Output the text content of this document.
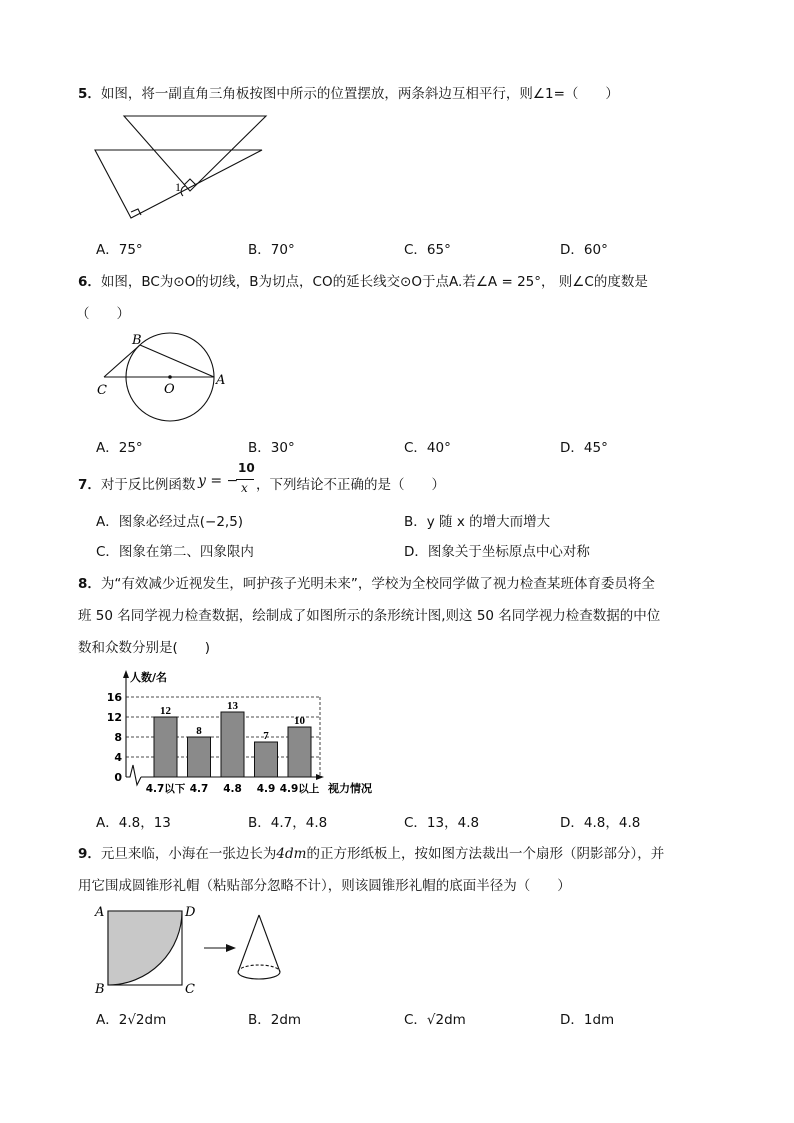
5．如图，将一副直角三角板按图中所示的位置摆放，两条斜边互相平行，则∠1=（　　）
1
A．75°	B．70°	C．65°	D．60°
6．如图，BC为⊙O的切线，B为切点，CO的延长线交⊙O于点A.若∠A = 25°， 则∠C的度数是
（　　）
B
C	O
A
A．25°	B．30°	C．40°	D．45°
7．对于反比例函数 y = −
10
x ，下列结论不正确的是（　　）
A．图象必经过点(−2,5)	B．y 随 x 的增大而增大
C．图象在第二、四象限内	D．图象关于坐标原点中心对称
8．为“有效减少近视发生，呵护孩子光明未来”，学校为全校同学做了视力检查某班体育委员将全
班 50 名同学视力检查数据，绘制成了如图所示的条形统计图,则这 50 名同学视力检查数据的中位
数和众数分别是(　　)
人数/名
0
4
8
12
16
视力情况
12
4.7以下
8
4.7
13
4.8
7
4.9
10
4.9以上
A．4.8，13	B．4.7，4.8	C．13，4.8	D．4.8，4.8
9．元旦来临，小海在一张边长为4dm的正方形纸板上，按如图方法裁出一个扇形（阴影部分），并
用它围成圆锥形礼帽（粘贴部分忽略不计），则该圆锥形礼帽的底面半径为（　　）
A	D
B	C
A．2√2dm	B．2dm	C．√2dm	D．1dm
